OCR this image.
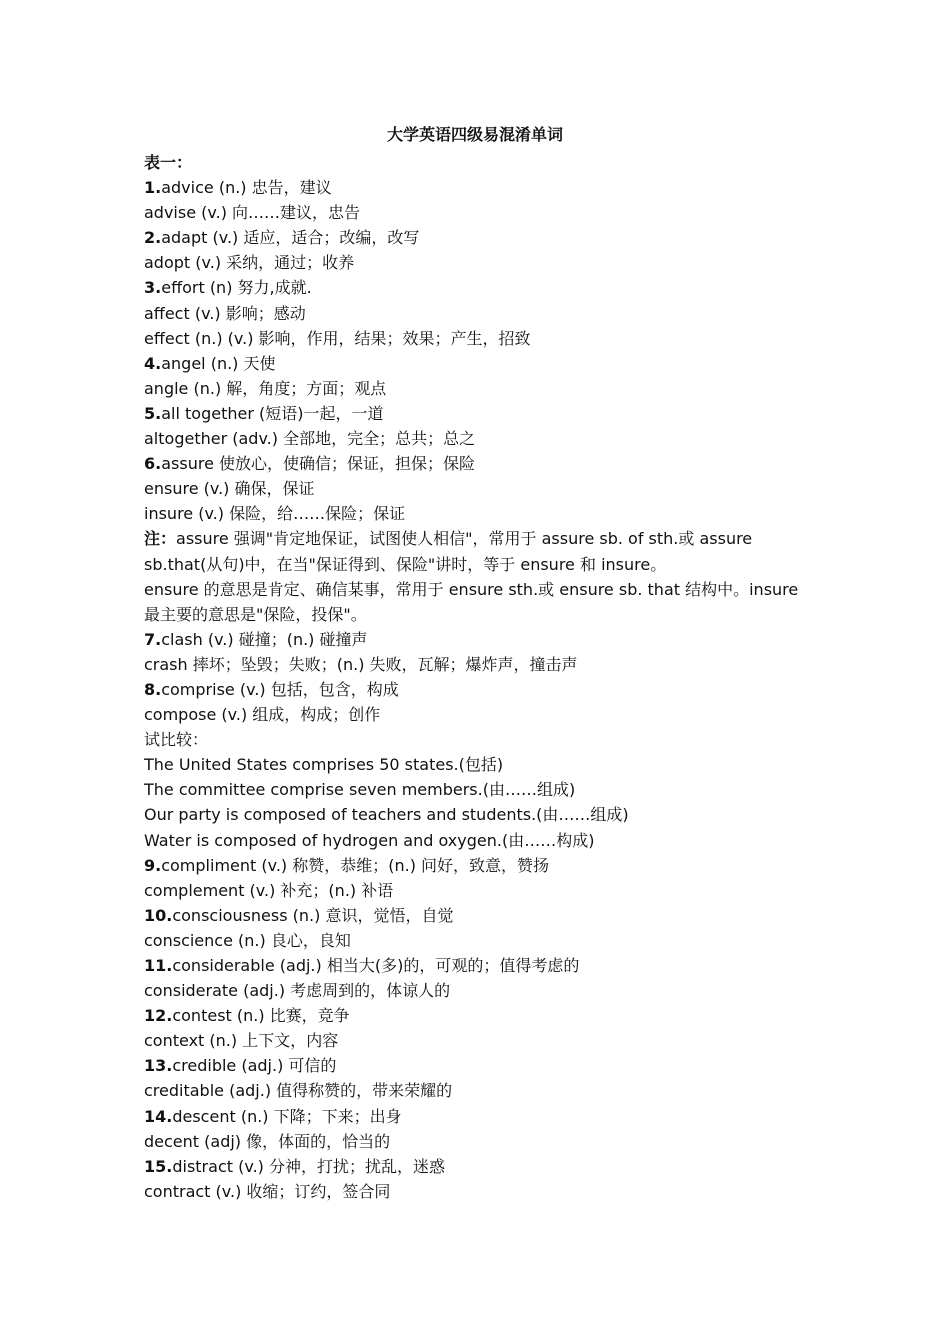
大学英语四级易混淆单词
表一：
1.advice (n.) 忠告，建议
advise (v.) 向……建议，忠告
2.adapt (v.) 适应，适合；改编，改写
adopt (v.) 采纳，通过；收养
3.effort (n) 努力,成就.
affect (v.) 影响；感动
effect (n.) (v.) 影响，作用，结果；效果；产生，招致
4.angel (n.) 天使
angle (n.) 解，角度；方面；观点
5.all together (短语)一起，一道
altogether (adv.) 全部地，完全；总共；总之
6.assure 使放心，使确信；保证，担保；保险
ensure (v.) 确保，保证
insure (v.) 保险，给……保险；保证
注：assure 强调"肯定地保证，试图使人相信"，常用于 assure sb. of sth.或 assure
sb.that(从句)中，在当"保证得到、保险"讲时，等于 ensure 和 insure。
ensure 的意思是肯定、确信某事，常用于 ensure sth.或 ensure sb. that 结构中。insure
最主要的意思是"保险，投保"。
7.clash (v.) 碰撞；(n.) 碰撞声
crash 摔坏；坠毁；失败；(n.) 失败，瓦解；爆炸声，撞击声
8.comprise (v.) 包括，包含，构成
compose (v.) 组成，构成；创作
试比较：
The United States comprises 50 states.(包括)
The committee comprise seven members.(由……组成)
Our party is composed of teachers and students.(由……组成)
Water is composed of hydrogen and oxygen.(由……构成)
9.compliment (v.) 称赞，恭维；(n.) 问好，致意，赞扬
complement (v.) 补充；(n.) 补语
10.consciousness (n.) 意识，觉悟，自觉
conscience (n.) 良心，良知
11.considerable (adj.) 相当大(多)的，可观的；值得考虑的
considerate (adj.) 考虑周到的，体谅人的
12.contest (n.) 比赛，竞争
context (n.) 上下文，内容
13.credible (adj.) 可信的
creditable (adj.) 值得称赞的，带来荣耀的
14.descent (n.) 下降；下来；出身
decent (adj) 像，体面的，恰当的
15.distract (v.) 分神，打扰；扰乱，迷惑
contract (v.) 收缩；订约，签合同
